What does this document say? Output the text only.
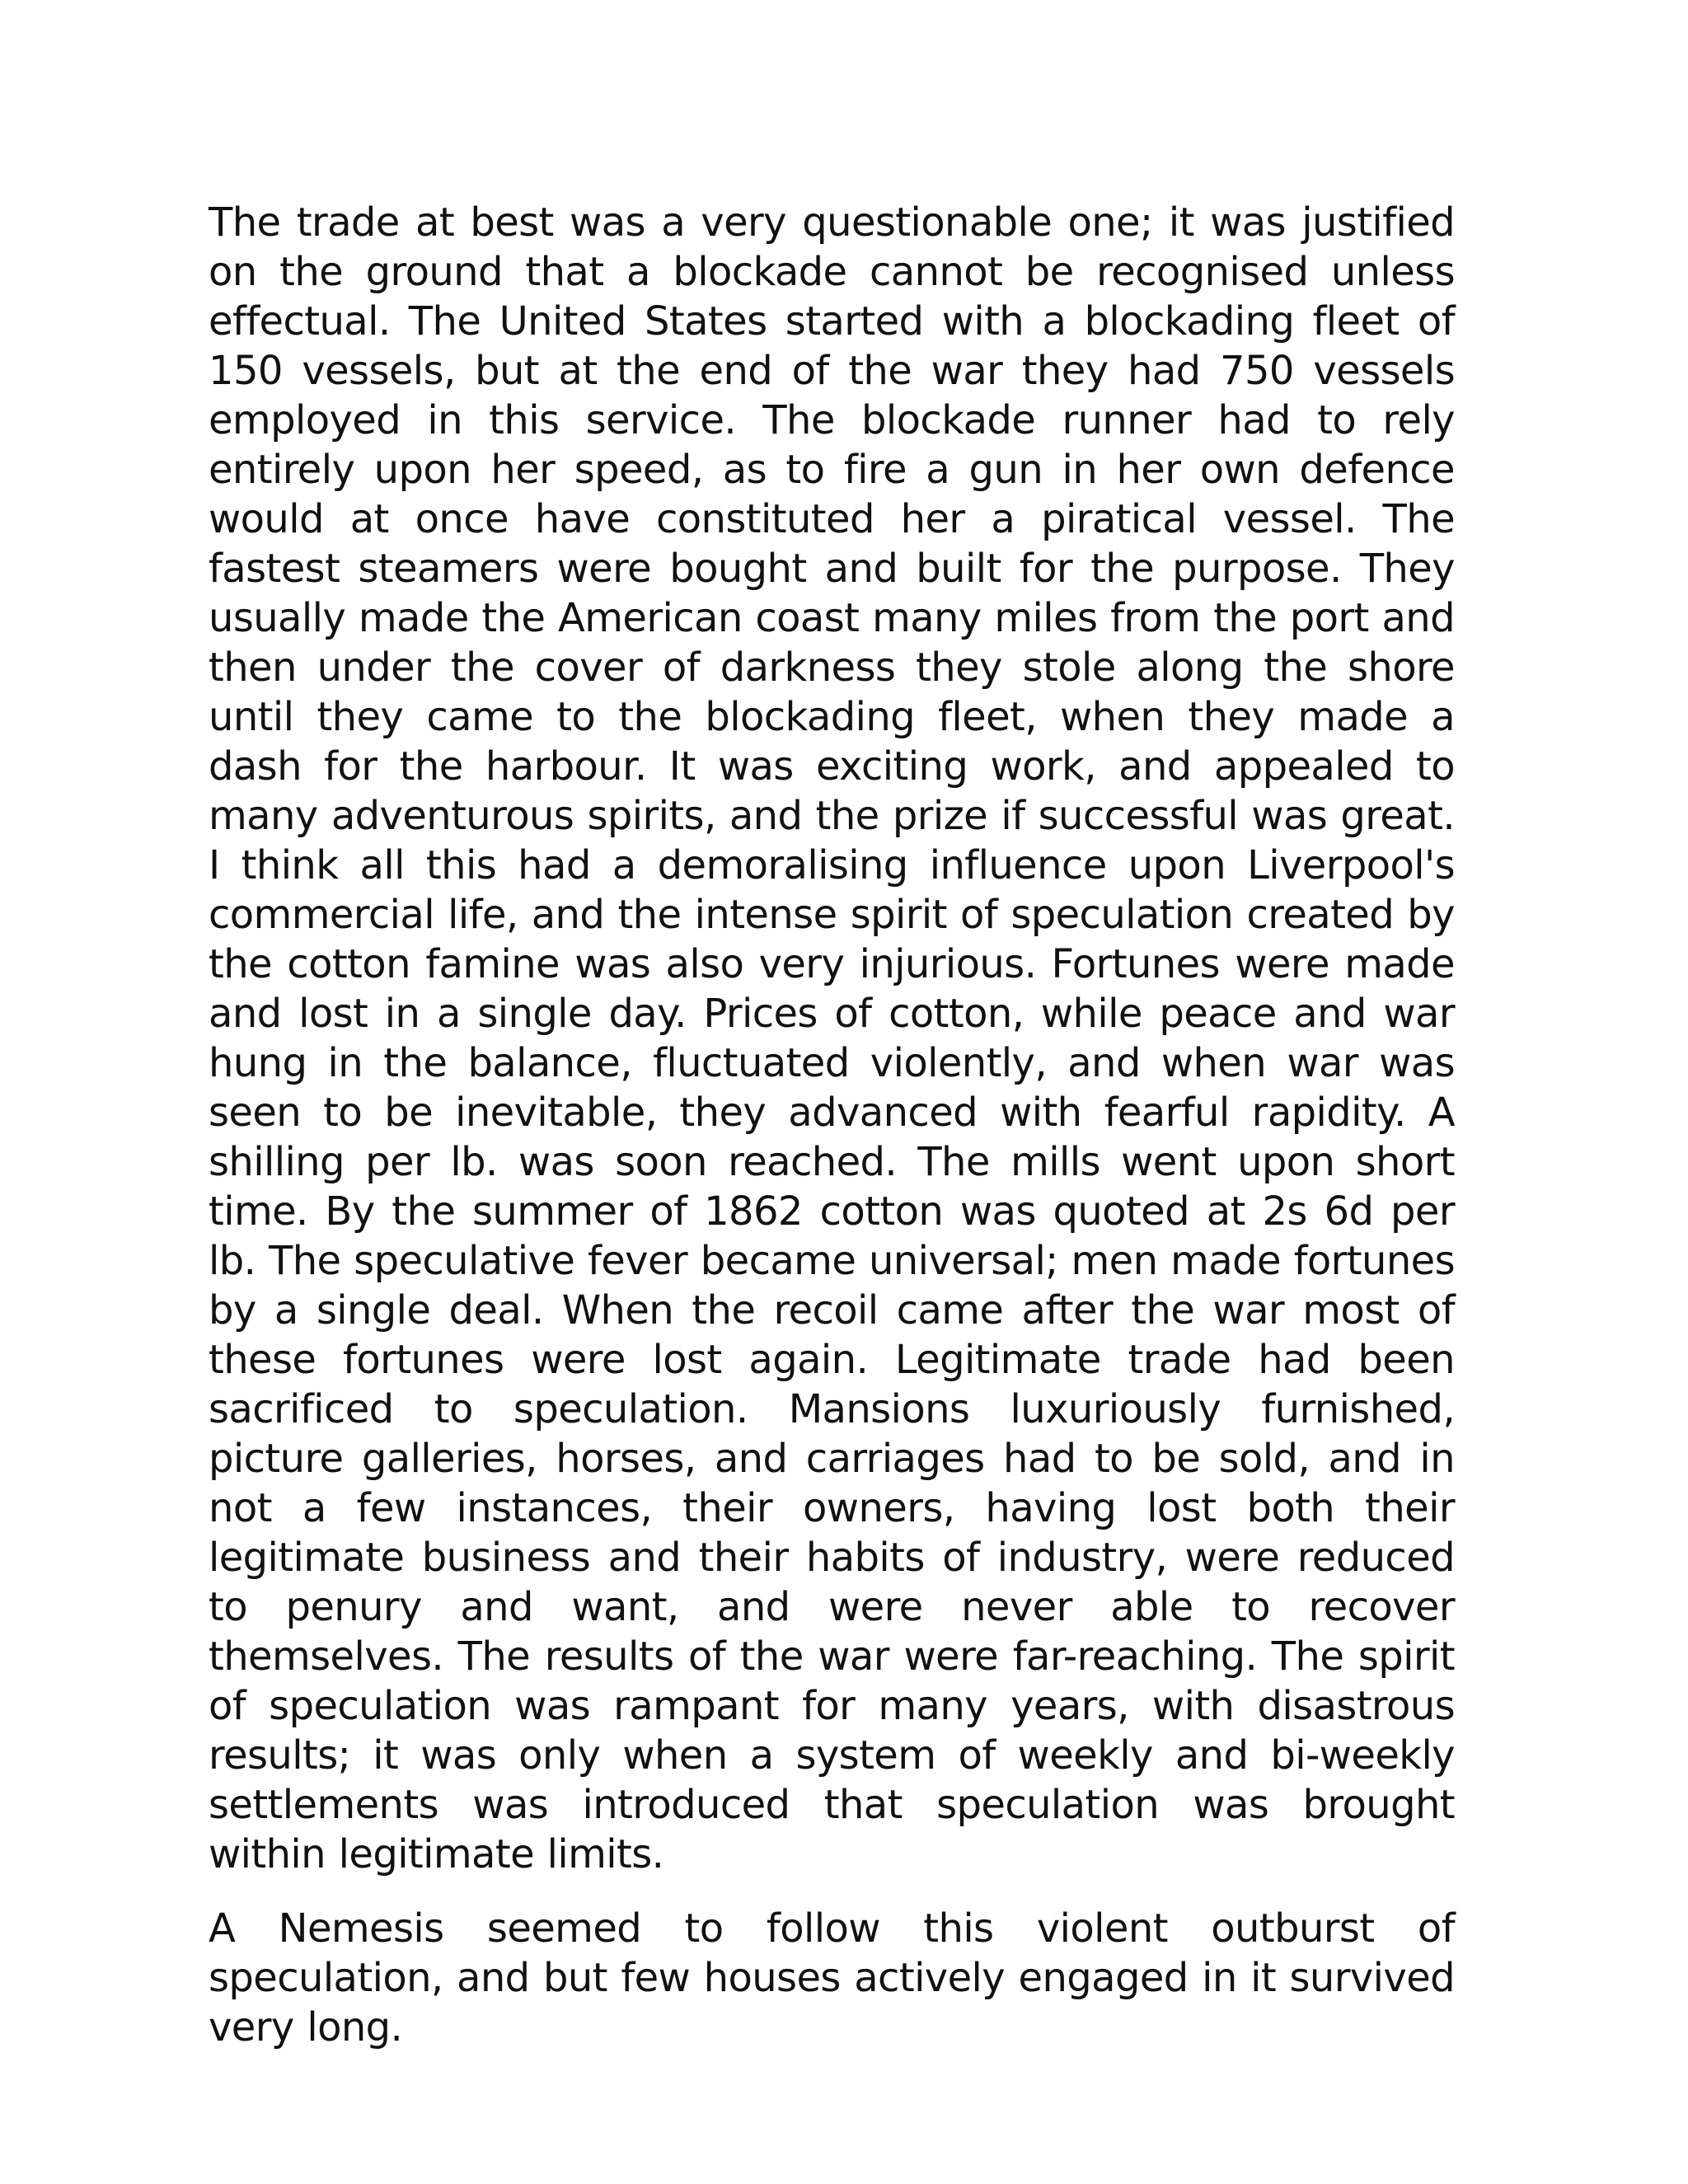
The trade at best was a very questionable one; it was justified on the ground that a blockade cannot be recognised unless effectual. The United States started with a blockading fleet of 150 vessels, but at the end of the war they had 750 vessels employed in this service. The blockade runner had to rely entirely upon her speed, as to fire a gun in her own defence would at once have constituted her a piratical vessel. The fastest steamers were bought and built for the purpose. They usually made the American coast many miles from the port and then under the cover of darkness they stole along the shore until they came to the blockading fleet, when they made a dash for the harbour. It was exciting work, and appealed to many adventurous spirits, and the prize if successful was great. I think all this had a demoralising influence upon Liverpool's commercial life, and the intense spirit of speculation created by the cotton famine was also very injurious. Fortunes were made and lost in a single day. Prices of cotton, while peace and war hung in the balance, fluctuated violently, and when war was seen to be inevitable, they advanced with fearful rapidity. A shilling per lb. was soon reached. The mills went upon short time. By the summer of 1862 cotton was quoted at 2s 6d per lb. The speculative fever became universal; men made fortunes by a single deal. When the recoil came after the war most of these fortunes were lost again. Legitimate trade had been sacrificed to speculation. Mansions luxuriously furnished, picture galleries, horses, and carriages had to be sold, and in not a few instances, their owners, having lost both their legitimate business and their habits of industry, were reduced to penury and want, and were never able to recover themselves. The results of the war were far-reaching. The spirit of speculation was rampant for many years, with disastrous results; it was only when a system of weekly and bi-weekly settlements was introduced that speculation was brought within legitimate limits.

A Nemesis seemed to follow this violent outburst of speculation, and but few houses actively engaged in it survived very long.
